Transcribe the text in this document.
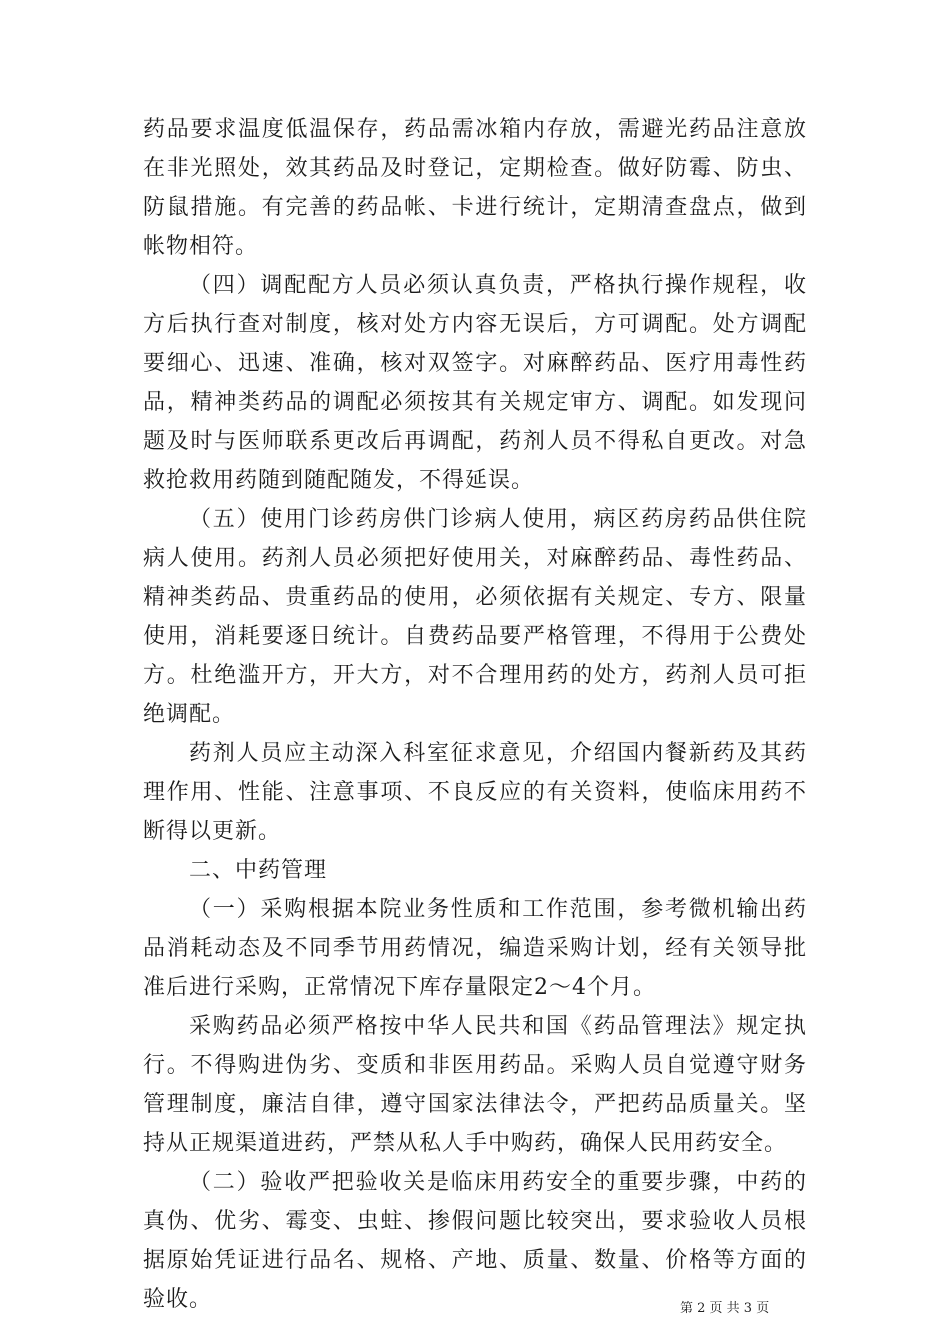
药品要求温度低温保存，药品需冰箱内存放，需避光药品注意放在非光照处，效其药品及时登记，定期检查。做好防霉、防虫、防鼠措施。有完善的药品帐、卡进行统计，定期清查盘点，做到帐物相符。

（四）调配配方人员必须认真负责，严格执行操作规程，收方后执行查对制度，核对处方内容无误后，方可调配。处方调配要细心、迅速、准确，核对双签字。对麻醉药品、医疗用毒性药品，精神类药品的调配必须按其有关规定审方、调配。如发现问题及时与医师联系更改后再调配，药剂人员不得私自更改。对急救抢救用药随到随配随发，不得延误。

（五）使用门诊药房供门诊病人使用，病区药房药品供住院病人使用。药剂人员必须把好使用关，对麻醉药品、毒性药品、精神类药品、贵重药品的使用，必须依据有关规定、专方、限量使用，消耗要逐日统计。自费药品要严格管理，不得用于公费处方。杜绝滥开方，开大方，对不合理用药的处方，药剂人员可拒绝调配。

药剂人员应主动深入科室征求意见，介绍国内餐新药及其药理作用、性能、注意事项、不良反应的有关资料，使临床用药不断得以更新。

二、中药管理

（一）采购根据本院业务性质和工作范围，参考微机输出药品消耗动态及不同季节用药情况，编造采购计划，经有关领导批准后进行采购，正常情况下库存量限定2～4个月。

采购药品必须严格按中华人民共和国《药品管理法》规定执行。不得购进伪劣、变质和非医用药品。采购人员自觉遵守财务管理制度，廉洁自律，遵守国家法律法令，严把药品质量关。坚持从正规渠道进药，严禁从私人手中购药，确保人民用药安全。

（二）验收严把验收关是临床用药安全的重要步骤，中药的真伪、优劣、霉变、虫蛀、掺假问题比较突出，要求验收人员根据原始凭证进行品名、规格、产地、质量、数量、价格等方面的验收。	第 2 页 共 3 页
